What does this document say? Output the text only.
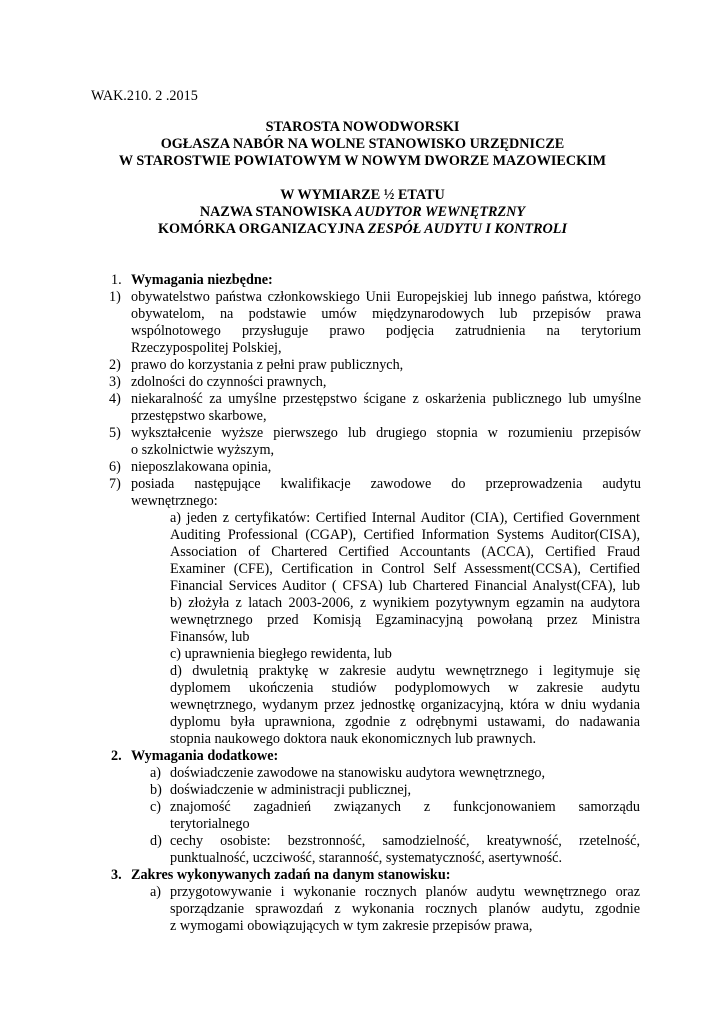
WAK.210. 2 .2015
STAROSTA NOWODWORSKI
OGŁASZA NABÓR NA WOLNE STANOWISKO URZĘDNICZE
W STAROSTWIE POWIATOWYM W NOWYM DWORZE MAZOWIECKIM
W WYMIARZE ½ ETATU
NAZWA STANOWISKA AUDYTOR WEWNĘTRZNY
KOMÓRKA ORGANIZACYJNA ZESPÓŁ AUDYTU I KONTROLI
1. Wymagania niezbędne:
1) obywatelstwo państwa członkowskiego Unii Europejskiej lub innego państwa, którego
obywatelom, na podstawie umów międzynarodowych lub przepisów prawa
wspólnotowego przysługuje prawo podjęcia zatrudnienia na terytorium
Rzeczypospolitej Polskiej,
2) prawo do korzystania z pełni praw publicznych,
3) zdolności do czynności prawnych,
4) niekaralność za umyślne przestępstwo ścigane z oskarżenia publicznego lub umyślne
przestępstwo skarbowe,
5) wykształcenie wyższe pierwszego lub drugiego stopnia w rozumieniu przepisów
o szkolnictwie wyższym,
6) nieposzlakowana opinia,
7) posiada następujące kwalifikacje zawodowe do przeprowadzenia audytu
wewnętrznego:
a) jeden z certyfikatów: Certified Internal Auditor (CIA), Certified Government
Auditing Professional (CGAP), Certified Information Systems Auditor(CISA),
Association of Chartered Certified Accountants (ACCA), Certified Fraud
Examiner (CFE), Certification in Control Self Assessment(CCSA), Certified
Financial Services Auditor ( CFSA) lub Chartered Financial Analyst(CFA), lub
b) złożyła z latach 2003-2006, z wynikiem pozytywnym egzamin na audytora
wewnętrznego przed Komisją Egzaminacyjną powołaną przez Ministra
Finansów, lub
c) uprawnienia biegłego rewidenta, lub
d) dwuletnią praktykę w zakresie audytu wewnętrznego i legitymuje się
dyplomem ukończenia studiów podyplomowych w zakresie audytu
wewnętrznego, wydanym przez jednostkę organizacyjną, która w dniu wydania
dyplomu była uprawniona, zgodnie z odrębnymi ustawami, do nadawania
stopnia naukowego doktora nauk ekonomicznych lub prawnych.
2. Wymagania dodatkowe:
a) doświadczenie zawodowe na stanowisku audytora wewnętrznego,
b) doświadczenie w administracji publicznej,
c) znajomość zagadnień związanych z funkcjonowaniem samorządu
terytorialnego
d) cechy osobiste: bezstronność, samodzielność, kreatywność, rzetelność,
punktualność, uczciwość, staranność, systematyczność, asertywność.
3. Zakres wykonywanych zadań na danym stanowisku:
a) przygotowywanie i wykonanie rocznych planów audytu wewnętrznego oraz
sporządzanie sprawozdań z wykonania rocznych planów audytu, zgodnie
z wymogami obowiązujących w tym zakresie przepisów prawa,
